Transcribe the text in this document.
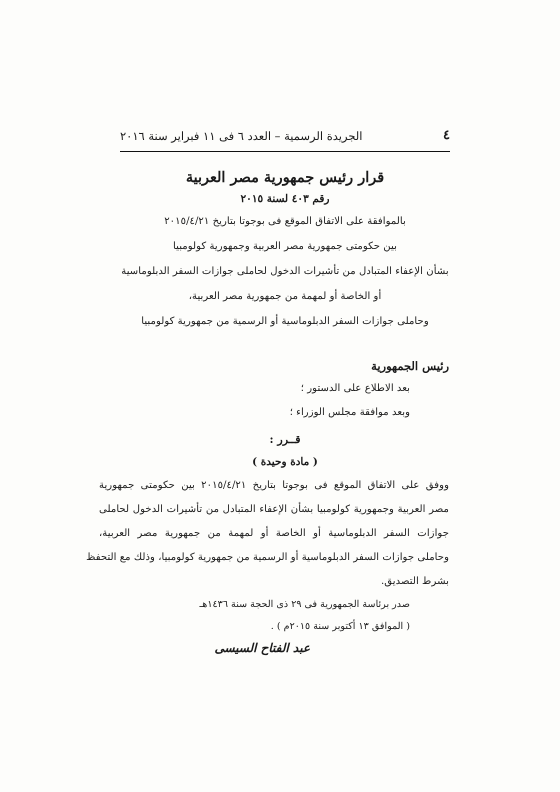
٤
الجريدة الرسمية – العدد ٦ فى ١١ فبراير سنة ٢٠١٦
قرار رئيس جمهورية مصر العربية
رقم ٤٠٣ لسنة ٢٠١٥
بالموافقة على الاتفاق الموقع فى بوجوتا بتاريخ ٢٠١٥/٤/٢١
بين حكومتى جمهورية مصر العربية وجمهورية كولومبيا
بشأن الإعفاء المتبادل من تأشيرات الدخول لحاملى جوازات السفر الدبلوماسية
أو الخاصة أو لمهمة من جمهورية مصر العربية،
وحاملى جوازات السفر الدبلوماسية أو الرسمية من جمهورية كولومبيا
رئيس الجمهورية
بعد الاطلاع على الدستور ؛
وبعد موافقة مجلس الوزراء ؛
قــرر :
( مادة وحيدة )
ووفق على الاتفاق الموقع فى بوجوتا بتاريخ ٢٠١٥/٤/٢١ بين حكومتى جمهورية
مصر العربية وجمهورية كولومبيا بشأن الإعفاء المتبادل من تأشيرات الدخول لحاملى
جوازات السفر الدبلوماسية أو الخاصة أو لمهمة من جمهورية مصر العربية،
وحاملى جوازات السفر الدبلوماسية أو الرسمية من جمهورية كولومبيا، وذلك مع التحفظ
بشرط التصديق.
صدر برئاسة الجمهورية فى ٢٩ ذى الحجة سنة ١٤٣٦هـ
( الموافق ١٣ أكتوبر سنة ٢٠١٥م ) .
عبد الفتاح السيسى
